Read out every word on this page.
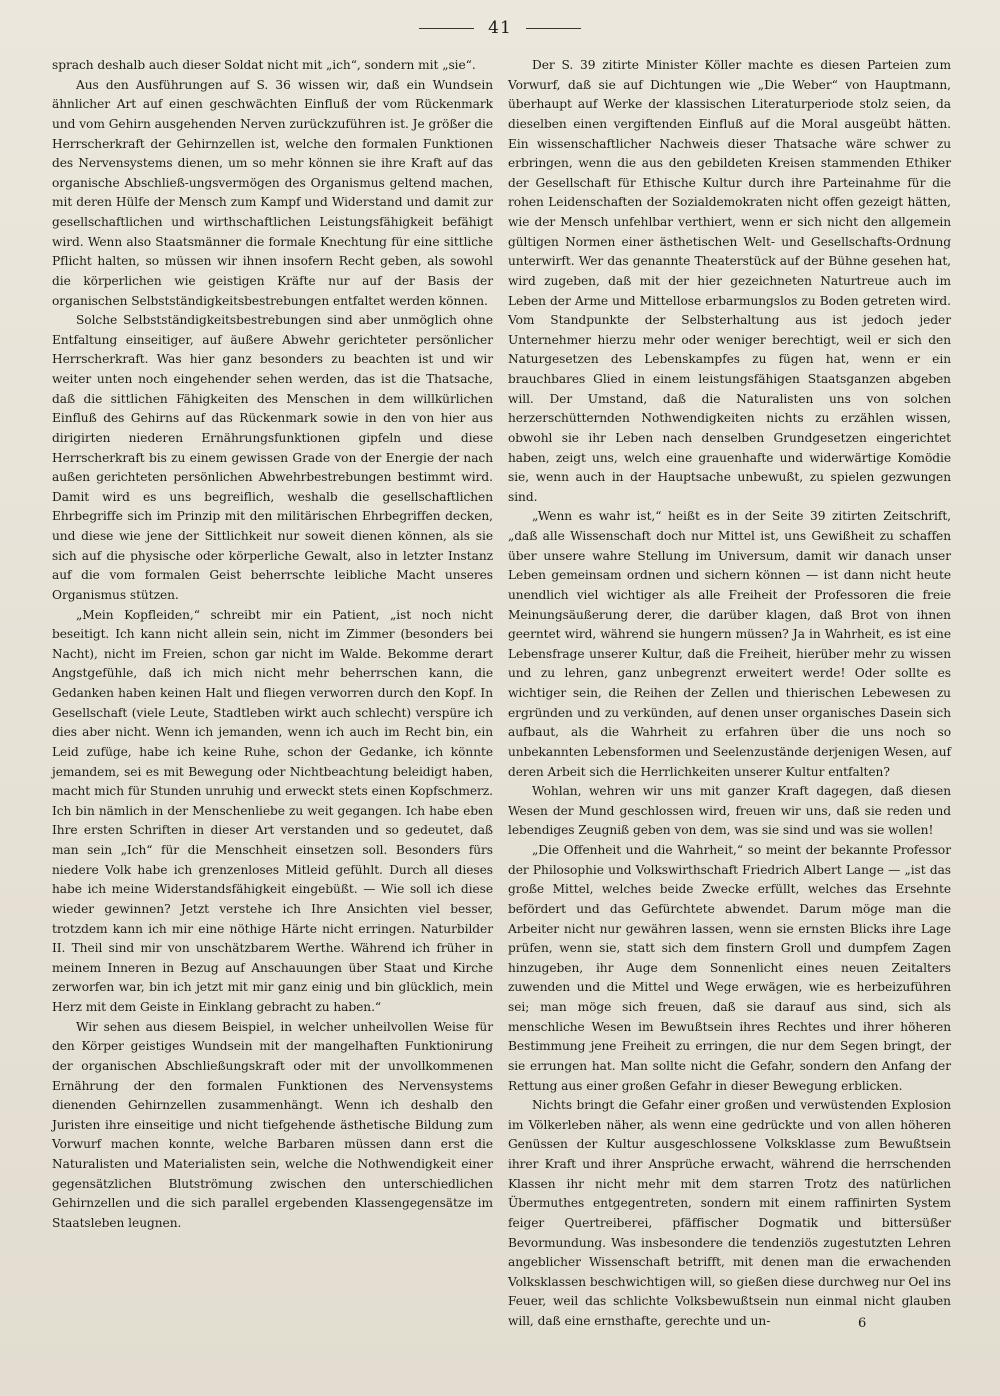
41

sprach deshalb auch dieser Soldat nicht mit „ich“, sondern mit „sie“.

Aus den Ausführungen auf S. 36 wissen wir, daß ein Wundsein ähnlicher Art auf einen geschwächten Einfluß der vom Rückenmark und vom Gehirn ausgehenden Nerven zurückzuführen ist. Je größer die Herrscherkraft der Gehirnzellen ist, welche den formalen Funktionen des Nervensystems dienen, um so mehr können sie ihre Kraft auf das organische Abschließ-ungsvermögen des Organismus geltend machen, mit deren Hülfe der Mensch zum Kampf und Widerstand und damit zur gesellschaftlichen und wirthschaftlichen Leistungsfähigkeit befähigt wird. Wenn also Staatsmänner die formale Knechtung für eine sittliche Pflicht halten, so müssen wir ihnen insofern Recht geben, als sowohl die körperlichen wie geistigen Kräfte nur auf der Basis der organischen Selbstständigkeitsbestrebungen entfaltet werden können.

Solche Selbstständigkeitsbestrebungen sind aber unmöglich ohne Entfaltung einseitiger, auf äußere Abwehr gerichteter persönlicher Herrscherkraft. Was hier ganz besonders zu beachten ist und wir weiter unten noch eingehender sehen werden, das ist die Thatsache, daß die sittlichen Fähigkeiten des Menschen in dem willkürlichen Einfluß des Gehirns auf das Rückenmark sowie in den von hier aus dirigirten niederen Ernährungsfunktionen gipfeln und diese Herrscherkraft bis zu einem gewissen Grade von der Energie der nach außen gerichteten persönlichen Abwehrbestrebungen bestimmt wird. Damit wird es uns begreiflich, weshalb die gesellschaftlichen Ehrbegriffe sich im Prinzip mit den militärischen Ehrbegriffen decken, und diese wie jene der Sittlichkeit nur soweit dienen können, als sie sich auf die physische oder körperliche Gewalt, also in letzter Instanz auf die vom formalen Geist beherrschte leibliche Macht unseres Organismus stützen.

„Mein Kopfleiden,“ schreibt mir ein Patient, „ist noch nicht beseitigt. Ich kann nicht allein sein, nicht im Zimmer (besonders bei Nacht), nicht im Freien, schon gar nicht im Walde. Bekomme derart Angstgefühle, daß ich mich nicht mehr beherrschen kann, die Gedanken haben keinen Halt und fliegen verworren durch den Kopf. In Gesellschaft (viele Leute, Stadtleben wirkt auch schlecht) verspüre ich dies aber nicht. Wenn ich jemanden, wenn ich auch im Recht bin, ein Leid zufüge, habe ich keine Ruhe, schon der Gedanke, ich könnte jemandem, sei es mit Bewegung oder Nichtbeachtung beleidigt haben, macht mich für Stunden unruhig und erweckt stets einen Kopfschmerz. Ich bin nämlich in der Menschenliebe zu weit gegangen. Ich habe eben Ihre ersten Schriften in dieser Art verstanden und so gedeutet, daß man sein „Ich“ für die Menschheit einsetzen soll. Besonders fürs niedere Volk habe ich grenzenloses Mitleid gefühlt. Durch all dieses habe ich meine Widerstandsfähigkeit eingebüßt. — Wie soll ich diese wieder gewinnen? Jetzt verstehe ich Ihre Ansichten viel besser, trotzdem kann ich mir eine nöthige Härte nicht erringen. Naturbilder II. Theil sind mir von unschätzbarem Werthe. Während ich früher in meinem Inneren in Bezug auf Anschauungen über Staat und Kirche zerworfen war, bin ich jetzt mit mir ganz einig und bin glücklich, mein Herz mit dem Geiste in Einklang gebracht zu haben.“

Wir sehen aus diesem Beispiel, in welcher unheilvollen Weise für den Körper geistiges Wundsein mit der mangelhaften Funktionirung der organischen Abschließungskraft oder mit der unvollkommenen Ernährung der den formalen Funktionen des Nervensystems dienenden Gehirnzellen zusammenhängt. Wenn ich deshalb den Juristen ihre einseitige und nicht tiefgehende ästhetische Bildung zum Vorwurf machen konnte, welche Barbaren müssen dann erst die Naturalisten und Materialisten sein, welche die Nothwendigkeit einer gegensätzlichen Blutströmung zwischen den unterschiedlichen Gehirnzellen und die sich parallel ergebenden Klassengegensätze im Staatsleben leugnen.

Der S. 39 zitirte Minister Köller machte es diesen Parteien zum Vorwurf, daß sie auf Dichtungen wie „Die Weber“ von Hauptmann, überhaupt auf Werke der klassischen Literaturperiode stolz seien, da dieselben einen vergiftenden Einfluß auf die Moral ausgeübt hätten. Ein wissenschaftlicher Nachweis dieser Thatsache wäre schwer zu erbringen, wenn die aus den gebildeten Kreisen stammenden Ethiker der Gesellschaft für Ethische Kultur durch ihre Parteinahme für die rohen Leidenschaften der Sozialdemokraten nicht offen gezeigt hätten, wie der Mensch unfehlbar verthiert, wenn er sich nicht den allgemein gültigen Normen einer ästhetischen Welt- und Gesellschafts-Ordnung unterwirft. Wer das genannte Theaterstück auf der Bühne gesehen hat, wird zugeben, daß mit der hier gezeichneten Naturtreue auch im Leben der Arme und Mittellose erbarmungslos zu Boden getreten wird. Vom Standpunkte der Selbsterhaltung aus ist jedoch jeder Unternehmer hierzu mehr oder weniger berechtigt, weil er sich den Naturgesetzen des Lebenskampfes zu fügen hat, wenn er ein brauchbares Glied in einem leistungsfähigen Staatsganzen abgeben will. Der Umstand, daß die Naturalisten uns von solchen herzerschütternden Nothwendigkeiten nichts zu erzählen wissen, obwohl sie ihr Leben nach denselben Grundgesetzen eingerichtet haben, zeigt uns, welch eine grauenhafte und widerwärtige Komödie sie, wenn auch in der Hauptsache unbewußt, zu spielen gezwungen sind.

„Wenn es wahr ist,“ heißt es in der Seite 39 zitirten Zeitschrift, „daß alle Wissenschaft doch nur Mittel ist, uns Gewißheit zu schaffen über unsere wahre Stellung im Universum, damit wir danach unser Leben gemeinsam ordnen und sichern können — ist dann nicht heute unendlich viel wichtiger als alle Freiheit der Professoren die freie Meinungsäußerung derer, die darüber klagen, daß Brot von ihnen geerntet wird, während sie hungern müssen? Ja in Wahrheit, es ist eine Lebensfrage unserer Kultur, daß die Freiheit, hierüber mehr zu wissen und zu lehren, ganz unbegrenzt erweitert werde! Oder sollte es wichtiger sein, die Reihen der Zellen und thierischen Lebewesen zu ergründen und zu verkünden, auf denen unser organisches Dasein sich aufbaut, als die Wahrheit zu erfahren über die uns noch so unbekannten Lebensformen und Seelenzustände derjenigen Wesen, auf deren Arbeit sich die Herrlichkeiten unserer Kultur entfalten?

Wohlan, wehren wir uns mit ganzer Kraft dagegen, daß diesen Wesen der Mund geschlossen wird, freuen wir uns, daß sie reden und lebendiges Zeugniß geben von dem, was sie sind und was sie wollen!

„Die Offenheit und die Wahrheit,“ so meint der bekannte Professor der Philosophie und Volkswirthschaft Friedrich Albert Lange — „ist das große Mittel, welches beide Zwecke erfüllt, welches das Ersehnte befördert und das Gefürchtete abwendet. Darum möge man die Arbeiter nicht nur gewähren lassen, wenn sie ernsten Blicks ihre Lage prüfen, wenn sie, statt sich dem finstern Groll und dumpfem Zagen hinzugeben, ihr Auge dem Sonnenlicht eines neuen Zeitalters zuwenden und die Mittel und Wege erwägen, wie es herbeizuführen sei; man möge sich freuen, daß sie darauf aus sind, sich als menschliche Wesen im Bewußtsein ihres Rechtes und ihrer höheren Bestimmung jene Freiheit zu erringen, die nur dem Segen bringt, der sie errungen hat. Man sollte nicht die Gefahr, sondern den Anfang der Rettung aus einer großen Gefahr in dieser Bewegung erblicken.

Nichts bringt die Gefahr einer großen und verwüstenden Explosion im Völkerleben näher, als wenn eine gedrückte und von allen höheren Genüssen der Kultur ausgeschlossene Volksklasse zum Bewußtsein ihrer Kraft und ihrer Ansprüche erwacht, während die herrschenden Klassen ihr nicht mehr mit dem starren Trotz des natürlichen Übermuthes entgegentreten, sondern mit einem raffinirten System feiger Quertreiberei, pfäffischer Dogmatik und bittersüßer Bevormundung. Was insbesondere die tendenziös zugestutzten Lehren angeblicher Wissenschaft betrifft, mit denen man die erwachenden Volksklassen beschwichtigen will, so gießen diese durchweg nur Oel ins Feuer, weil das schlichte Volksbewußtsein nun einmal nicht glauben will, daß eine ernsthafte, gerechte und un-	6
